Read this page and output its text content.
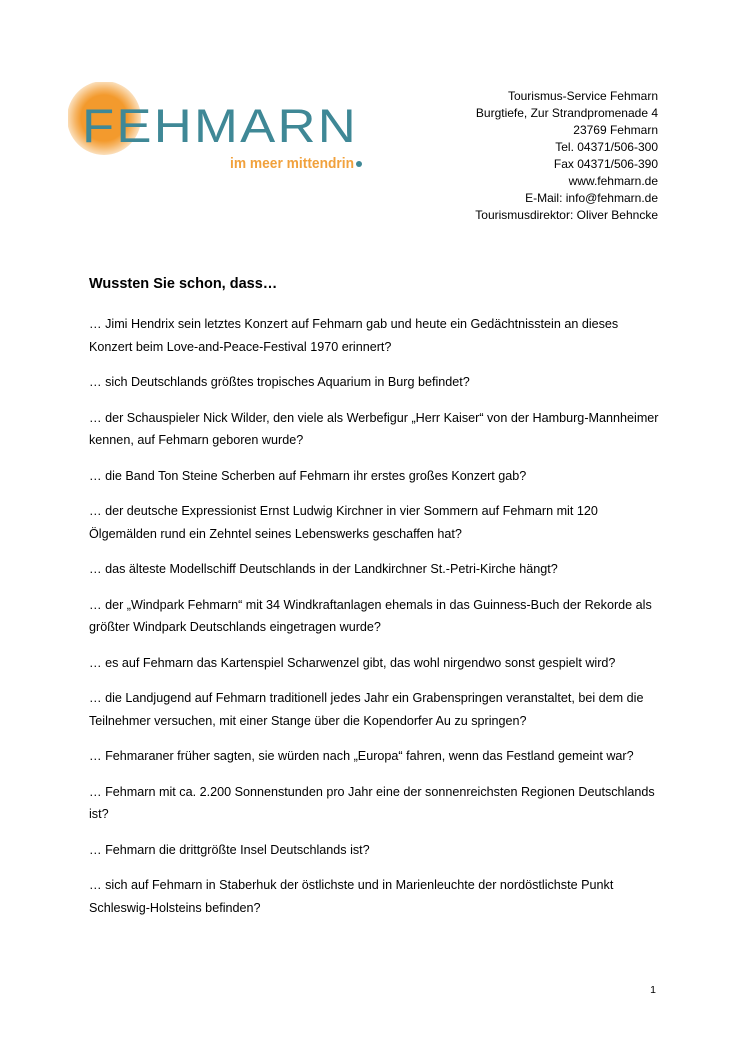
FEHMARN
im meer mittendrin
Tourismus-Service Fehmarn
Burgtiefe, Zur Strandpromenade 4
23769 Fehmarn
Tel. 04371/506-300
Fax 04371/506-390
www.fehmarn.de
E-Mail: info@fehmarn.de
Tourismusdirektor: Oliver Behncke
Wussten Sie schon, dass…

… Jimi Hendrix sein letztes Konzert auf Fehmarn gab und heute ein Gedächtnisstein an dieses Konzert beim Love-and-Peace-Festival 1970 erinnert?

… sich Deutschlands größtes tropisches Aquarium in Burg befindet?

… der Schauspieler Nick Wilder, den viele als Werbefigur „Herr Kaiser“ von der Hamburg-Mannheimer kennen, auf Fehmarn geboren wurde?

… die Band Ton Steine Scherben auf Fehmarn ihr erstes großes Konzert gab?

… der deutsche Expressionist Ernst Ludwig Kirchner in vier Sommern auf Fehmarn mit 120 Ölgemälden rund ein Zehntel seines Lebenswerks geschaffen hat?

… das älteste Modellschiff Deutschlands in der Landkirchner St.-Petri-Kirche hängt?

… der „Windpark Fehmarn“ mit 34 Windkraftanlagen ehemals in das Guinness-Buch der Rekorde als größter Windpark Deutschlands eingetragen wurde?

… es auf Fehmarn das Kartenspiel Scharwenzel gibt, das wohl nirgendwo sonst gespielt wird?

… die Landjugend auf Fehmarn traditionell jedes Jahr ein Grabenspringen veranstaltet, bei dem die Teilnehmer versuchen, mit einer Stange über die Kopendorfer Au zu springen?

… Fehmaraner früher sagten, sie würden nach „Europa“ fahren, wenn das Festland gemeint war?

… Fehmarn mit ca. 2.200 Sonnenstunden pro Jahr eine der sonnenreichsten Regionen Deutschlands ist?

… Fehmarn die drittgrößte Insel Deutschlands ist?

… sich auf Fehmarn in Staberhuk der östlichste und in Marienleuchte der nordöstlichste Punkt Schleswig-Holsteins befinden?

1
